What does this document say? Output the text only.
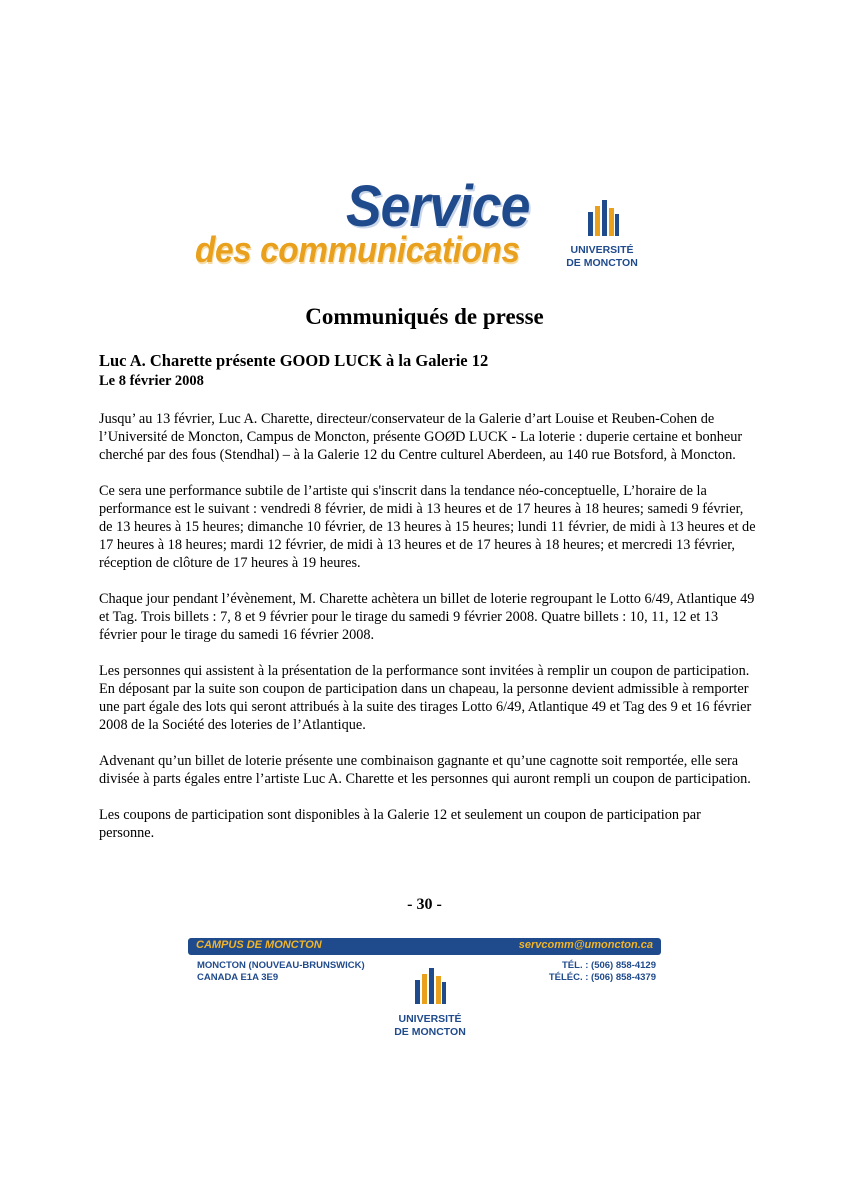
Service
des communications	UNIVERSITÉ
DE MONCTON
Communiqués de presse
Luc A. Charette présente GOOD LUCK à la Galerie 12
Le 8 février 2008

Jusqu’ au 13 février, Luc A. Charette, directeur/conservateur de la Galerie d’art Louise et Reuben-Cohen de l’Université de Moncton, Campus de Moncton, présente GOØD LUCK - La loterie : duperie certaine et bonheur cherché par des fous (Stendhal) – à la Galerie 12 du Centre culturel Aberdeen, au 140 rue Botsford, à Moncton.

Ce sera une performance subtile de l’artiste qui s'inscrit dans la tendance néo-conceptuelle, L’horaire de la performance est le suivant : vendredi 8 février, de midi à 13 heures et de 17 heures à 18 heures; samedi 9 février, de 13 heures à 15 heures; dimanche 10 février, de 13 heures à 15 heures; lundi 11 février, de midi à 13 heures et de 17 heures à 18 heures; mardi 12 février, de midi à 13 heures et de 17 heures à 18 heures; et mercredi 13 février, réception de clôture de 17 heures à 19 heures.

Chaque jour pendant l’évènement, M. Charette achètera un billet de loterie regroupant le Lotto 6/49, Atlantique 49 et Tag. Trois billets : 7, 8 et 9 février pour le tirage du samedi 9 février 2008. Quatre billets : 10, 11, 12 et 13 février pour le tirage du samedi 16 février 2008.

Les personnes qui assistent à la présentation de la performance sont invitées à remplir un coupon de participation. En déposant par la suite son coupon de participation dans un chapeau, la personne devient admissible à remporter une part égale des lots qui seront attribués à la suite des tirages Lotto 6/49, Atlantique 49 et Tag des 9 et 16 février 2008 de la Société des loteries de l’Atlantique.

Advenant qu’un billet de loterie présente une combinaison gagnante et qu’une cagnotte soit remportée, elle sera divisée à parts égales entre l’artiste Luc A. Charette et les personnes qui auront rempli un coupon de participation.

Les coupons de participation sont disponibles à la Galerie 12 et seulement un coupon de participation par personne.

- 30 -
CAMPUS DE MONCTON	servcomm@umoncton.ca
MONCTON (NOUVEAU-BRUNSWICK)
CANADA E1A 3E9
TÉL. : (506) 858-4129
TÉLÉC. : (506) 858-4379
UNIVERSITÉ
DE MONCTON
